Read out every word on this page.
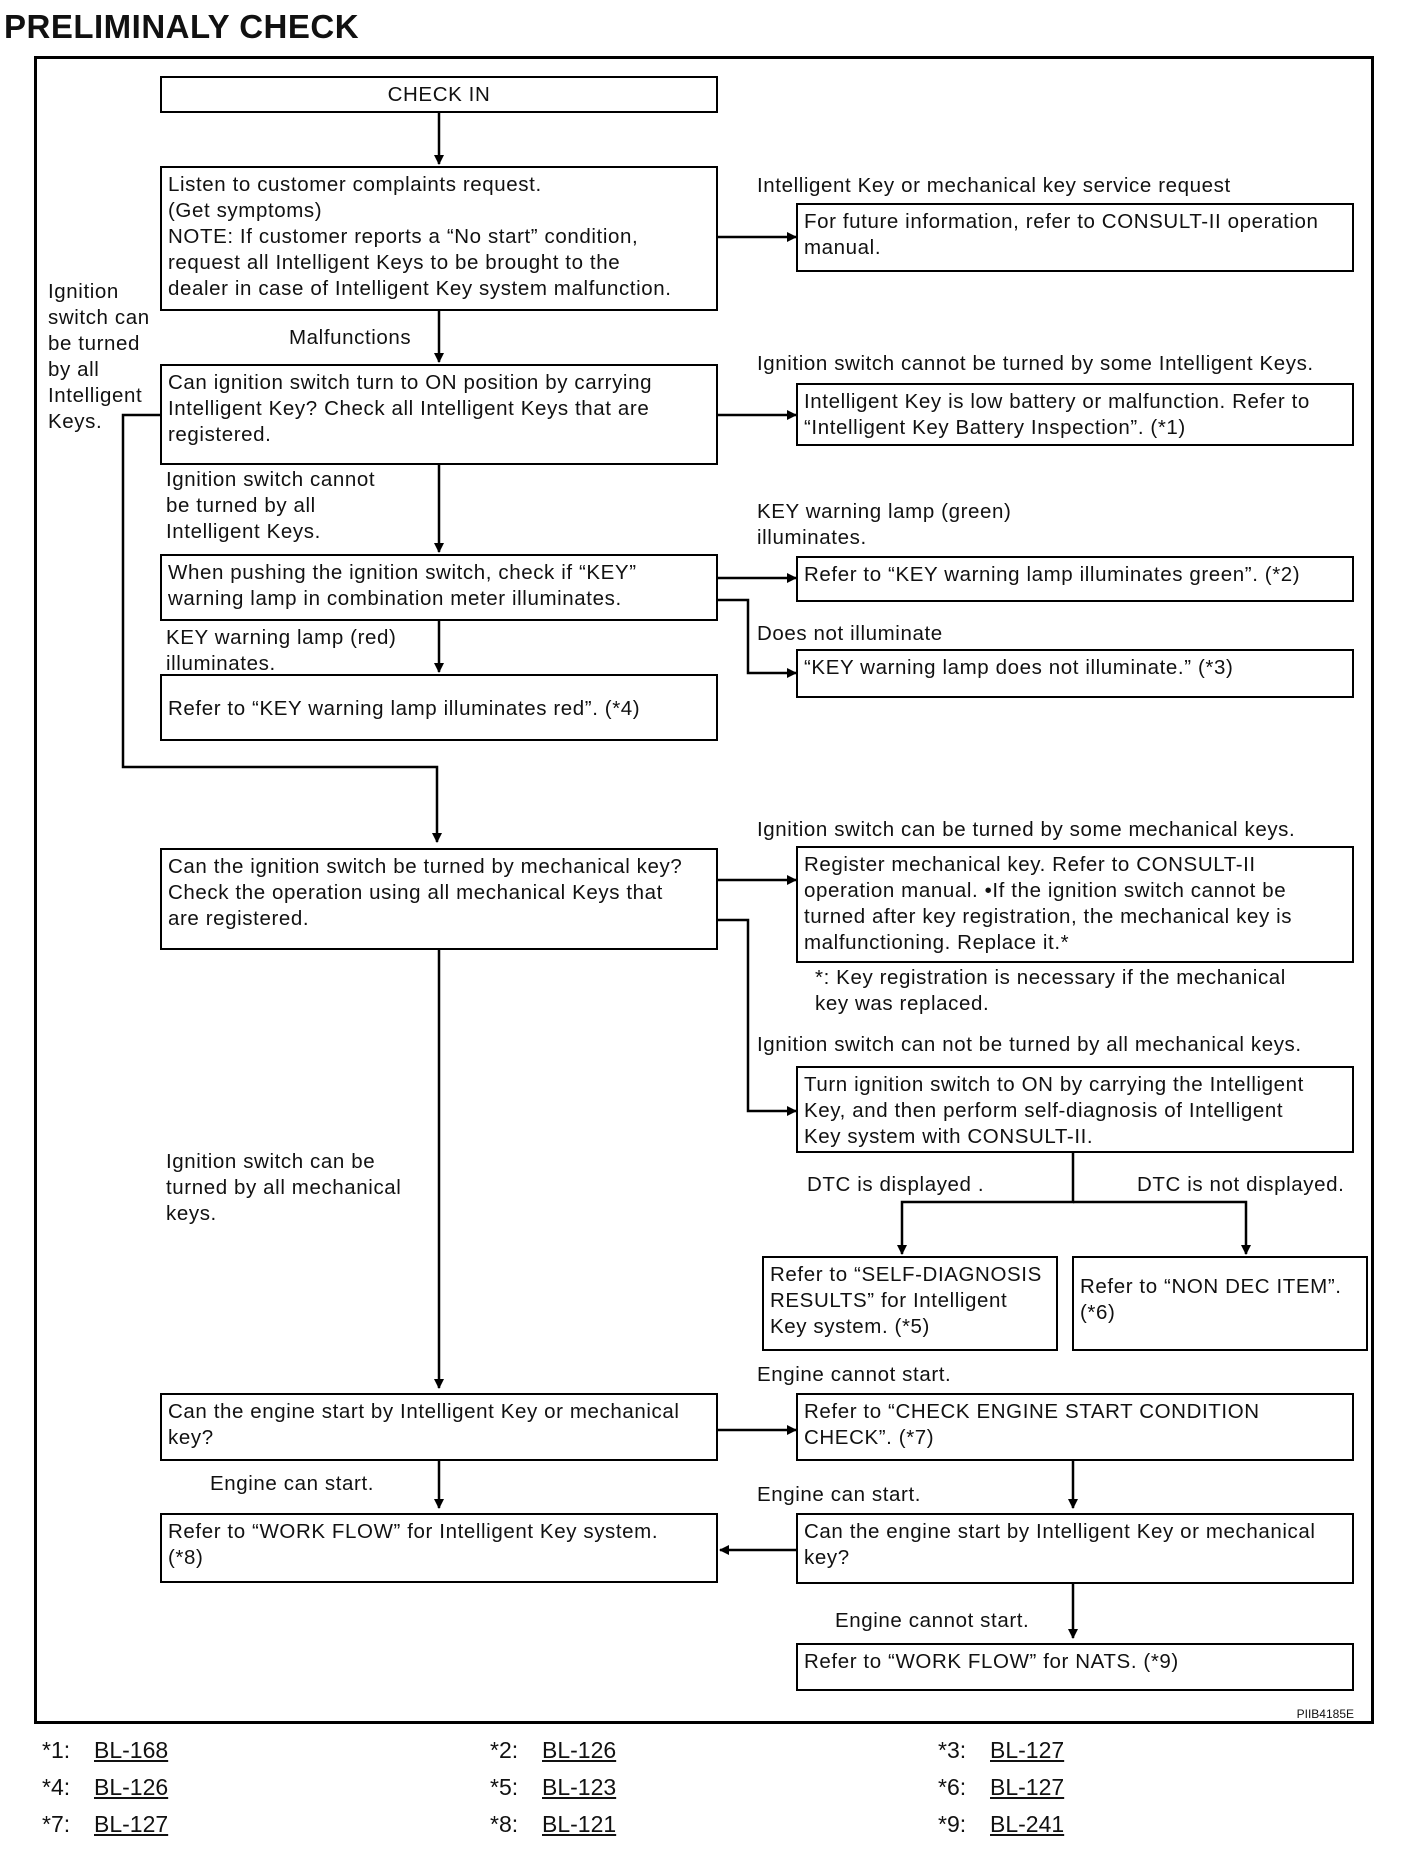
PRELIMINALY CHECK
CHECK IN
Listen to customer complaints request.
(Get symptoms)
NOTE: If customer reports a “No start” condition,
request all Intelligent Keys to be brought to the
dealer in case of Intelligent Key system malfunction.
For future information, refer to CONSULT-II operation
manual.
Can ignition switch turn to ON position by carrying
Intelligent Key? Check all Intelligent Keys that are
registered.
Intelligent Key is low battery or malfunction. Refer to
“Intelligent Key Battery Inspection”. (*1)
When pushing the ignition switch, check if “KEY”
warning lamp in combination meter illuminates.
Refer to “KEY warning lamp illuminates green”. (*2)
“KEY warning lamp does not illuminate.” (*3)
Refer to “KEY warning lamp illuminates red”. (*4)
Can the ignition switch be turned by mechanical key?
Check the operation using all mechanical Keys that
are registered.
Register mechanical key. Refer to CONSULT-II
operation manual. •If the ignition switch cannot be
turned after key registration, the mechanical key is
malfunctioning. Replace it.*
Turn ignition switch to ON by carrying the Intelligent
Key, and then perform self-diagnosis of Intelligent
Key system with CONSULT-II.
Refer to “SELF-DIAGNOSIS
RESULTS” for Intelligent
Key system. (*5)
Refer to “NON DEC ITEM”.
(*6)
Can the engine start by Intelligent Key or mechanical
key?
Refer to “CHECK ENGINE START CONDITION
CHECK”. (*7)
Refer to “WORK FLOW” for Intelligent Key system.
(*8)
Can the engine start by Intelligent Key or mechanical
key?
Refer to “WORK FLOW” for NATS. (*9)
Intelligent Key or mechanical key service request
Ignition
switch can
be turned
by all
Intelligent
Keys.
Malfunctions
Ignition switch cannot be turned by some Intelligent Keys.
Ignition switch cannot
be turned by all
Intelligent Keys.
KEY warning lamp (green)
illuminates.
KEY warning lamp (red)
illuminates.
Does not illuminate
Ignition switch can be turned by some mechanical keys.
*: Key registration is necessary if the mechanical
key was replaced.
Ignition switch can not be turned by all mechanical keys.
Ignition switch can be
turned by all mechanical
keys.
DTC is displayed .	DTC is not displayed.
Engine cannot start.
Engine can start.	Engine can start.
Engine cannot start.
PIIB4185E
*1: BL-168	*2: BL-126	*3: BL-127
*4: BL-126	*5: BL-123	*6: BL-127
*7: BL-127	*8: BL-121	*9: BL-241
